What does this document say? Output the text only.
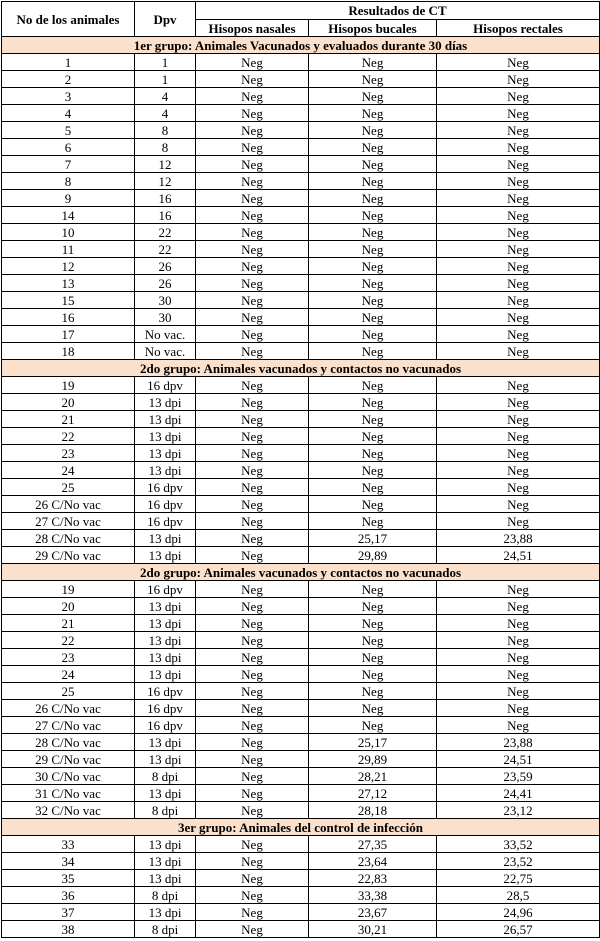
No de los animales	Dpv	Resultados de CT		
		Hisopos nasales	Hisopos bucales	Hisopos rectales
1er grupo: Animales Vacunados y evaluados durante 30 días				
1	1	Neg	Neg	Neg
2	1	Neg	Neg	Neg
3	4	Neg	Neg	Neg
4	4	Neg	Neg	Neg
5	8	Neg	Neg	Neg
6	8	Neg	Neg	Neg
7	12	Neg	Neg	Neg
8	12	Neg	Neg	Neg
9	16	Neg	Neg	Neg
14	16	Neg	Neg	Neg
10	22	Neg	Neg	Neg
11	22	Neg	Neg	Neg
12	26	Neg	Neg	Neg
13	26	Neg	Neg	Neg
15	30	Neg	Neg	Neg
16	30	Neg	Neg	Neg
17	No vac.	Neg	Neg	Neg
18	No vac.	Neg	Neg	Neg
2do grupo: Animales vacunados y contactos no vacunados				
19	16 dpv	Neg	Neg	Neg
20	13 dpi	Neg	Neg	Neg
21	13 dpi	Neg	Neg	Neg
22	13 dpi	Neg	Neg	Neg
23	13 dpi	Neg	Neg	Neg
24	13 dpi	Neg	Neg	Neg
25	16 dpv	Neg	Neg	Neg
26 C/No vac	16 dpv	Neg	Neg	Neg
27 C/No vac	16 dpv	Neg	Neg	Neg
28 C/No vac	13 dpi	Neg	25,17	23,88
29 C/No vac	13 dpi	Neg	29,89	24,51
2do grupo: Animales vacunados y contactos no vacunados				
19	16 dpv	Neg	Neg	Neg
20	13 dpi	Neg	Neg	Neg
21	13 dpi	Neg	Neg	Neg
22	13 dpi	Neg	Neg	Neg
23	13 dpi	Neg	Neg	Neg
24	13 dpi	Neg	Neg	Neg
25	16 dpv	Neg	Neg	Neg
26 C/No vac	16 dpv	Neg	Neg	Neg
27 C/No vac	16 dpv	Neg	Neg	Neg
28 C/No vac	13 dpi	Neg	25,17	23,88
29 C/No vac	13 dpi	Neg	29,89	24,51
30 C/No vac	8 dpi	Neg	28,21	23,59
31 C/No vac	13 dpi	Neg	27,12	24,41
32 C/No vac	8 dpi	Neg	28,18	23,12
3er grupo: Animales del control de infección				
33	13 dpi	Neg	27,35	33,52
34	13 dpi	Neg	23,64	23,52
35	13 dpi	Neg	22,83	22,75
36	8 dpi	Neg	33,38	28,5
37	13 dpi	Neg	23,67	24,96
38	8 dpi	Neg	30,21	26,57
